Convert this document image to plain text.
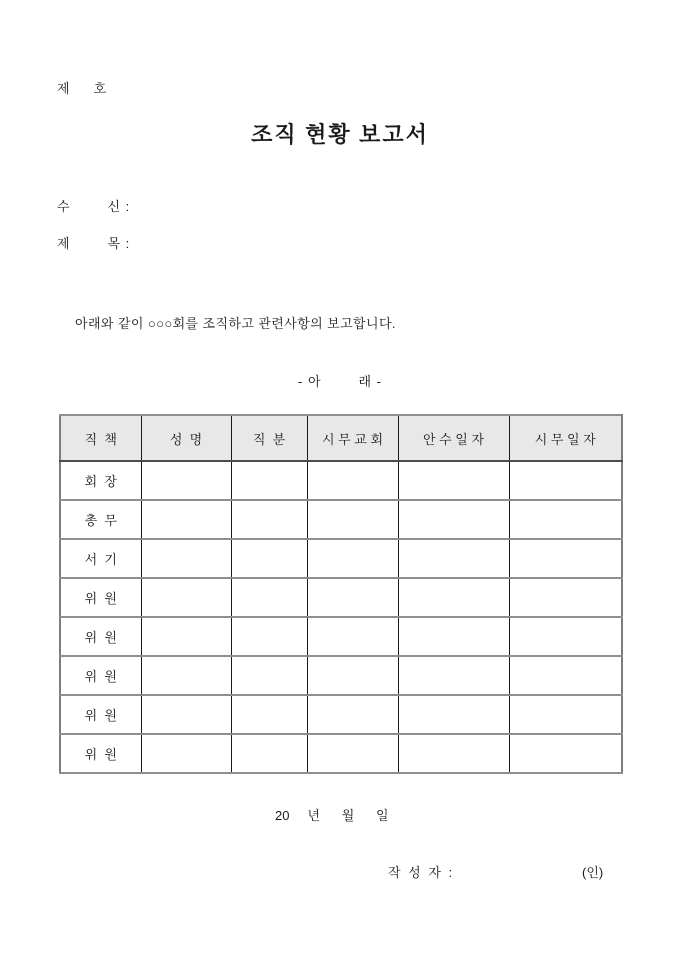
제     호
조직 현황 보고서
수        신 :
제        목 :
아래와 같이 ○○○회를 조직하고 관련사항의 보고합니다.
- 아        래 -
직  책	성  명	직  분	시 무 교 회	안 수 일 자	시 무 일 자
회  장					
총  무					
서  기					
위  원					
위  원					
위  원					
위  원					
위  원					
20     년      월      일
작 성 자 :	(인)
